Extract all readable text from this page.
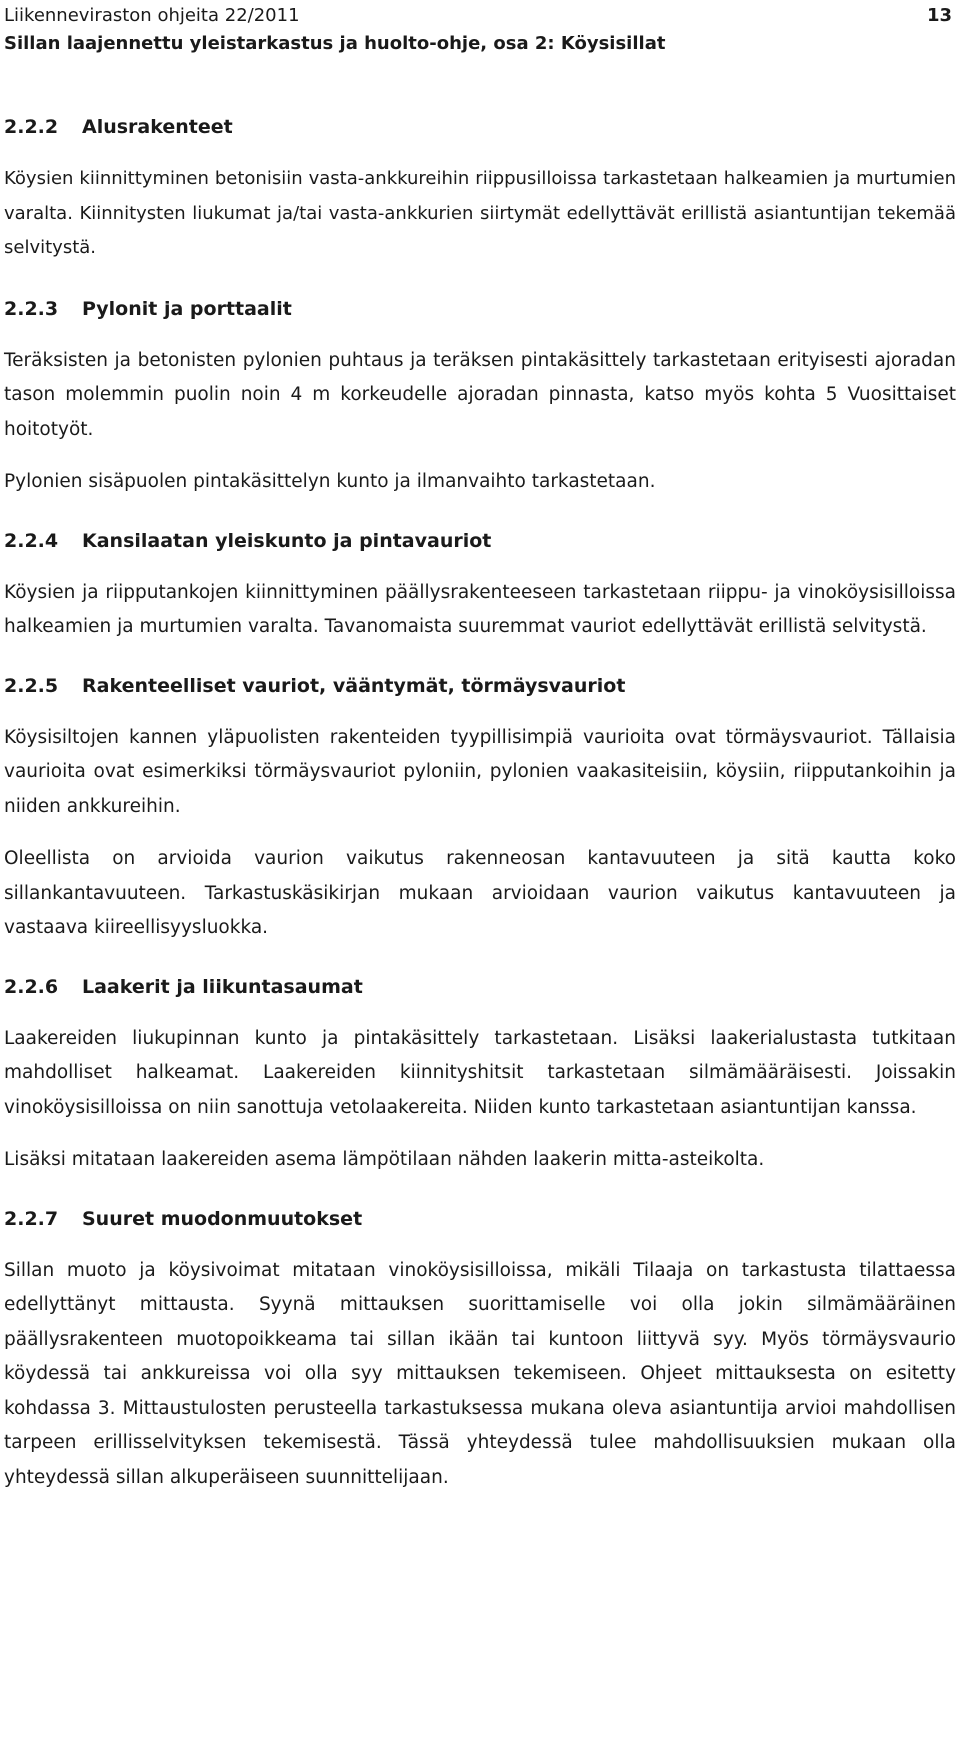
Liikenneviraston ohjeita 22/2011
Sillan laajennettu yleistarkastus ja huolto-ohje, osa 2: Köysisillat
13
2.2.2	Alusrakenteet

Köysien kiinnittyminen betonisiin vasta-ankkureihin riippusilloissa tarkastetaan halkeamien ja murtumien varalta. Kiinnitysten liukumat ja/tai vasta-ankkurien siirtymät edellyttävät erillistä asiantuntijan tekemää selvitystä.

2.2.3	Pylonit ja porttaalit

Teräksisten ja betonisten pylonien puhtaus ja teräksen pintakäsittely tarkastetaan erityisesti ajoradan tason molemmin puolin noin 4 m korkeudelle ajoradan pinnasta, katso myös kohta 5 Vuosittaiset hoitotyöt.

Pylonien sisäpuolen pintakäsittelyn kunto ja ilmanvaihto tarkastetaan.

2.2.4	Kansilaatan yleiskunto ja pintavauriot

Köysien ja riipputankojen kiinnittyminen päällysrakenteeseen tarkastetaan riippu- ja vinoköysisilloissa halkeamien ja murtumien varalta. Tavanomaista suuremmat vauriot edellyttävät erillistä selvitystä.

2.2.5	Rakenteelliset vauriot, vääntymät, törmäysvauriot

Köysisiltojen kannen yläpuolisten rakenteiden tyypillisimpiä vaurioita ovat törmäysvauriot. Tällaisia vaurioita ovat esimerkiksi törmäysvauriot pyloniin, pylonien vaakasiteisiin, köysiin, riipputankoihin ja niiden ankkureihin.

Oleellista on arvioida vaurion vaikutus rakenneosan kantavuuteen ja sitä kautta koko sillankantavuuteen. Tarkastuskäsikirjan mukaan arvioidaan vaurion vaikutus kantavuuteen ja vastaava kiireellisyysluokka.

2.2.6	Laakerit ja liikuntasaumat

Laakereiden liukupinnan kunto ja pintakäsittely tarkastetaan. Lisäksi laakerialustasta tutkitaan mahdolliset halkeamat. Laakereiden kiinnityshitsit tarkastetaan silmämääräisesti. Joissakin vinoköysisilloissa on niin sanottuja vetolaakereita. Niiden kunto tarkastetaan asiantuntijan kanssa.

Lisäksi mitataan laakereiden asema lämpötilaan nähden laakerin mitta-asteikolta.

2.2.7	Suuret muodonmuutokset

Sillan muoto ja köysivoimat mitataan vinoköysisilloissa, mikäli Tilaaja on tarkastusta tilattaessa edellyttänyt mittausta. Syynä mittauksen suorittamiselle voi olla jokin silmämääräinen päällysrakenteen muotopoikkeama tai sillan ikään tai kuntoon liittyvä syy. Myös törmäysvaurio köydessä tai ankkureissa voi olla syy mittauksen tekemiseen. Ohjeet mittauksesta on esitetty kohdassa 3. Mittaustulosten perusteella tarkastuksessa mukana oleva asiantuntija arvioi mahdollisen tarpeen erillisselvityksen tekemisestä. Tässä yhteydessä tulee mahdollisuuksien mukaan olla yhteydessä sillan alkuperäiseen suunnittelijaan.
